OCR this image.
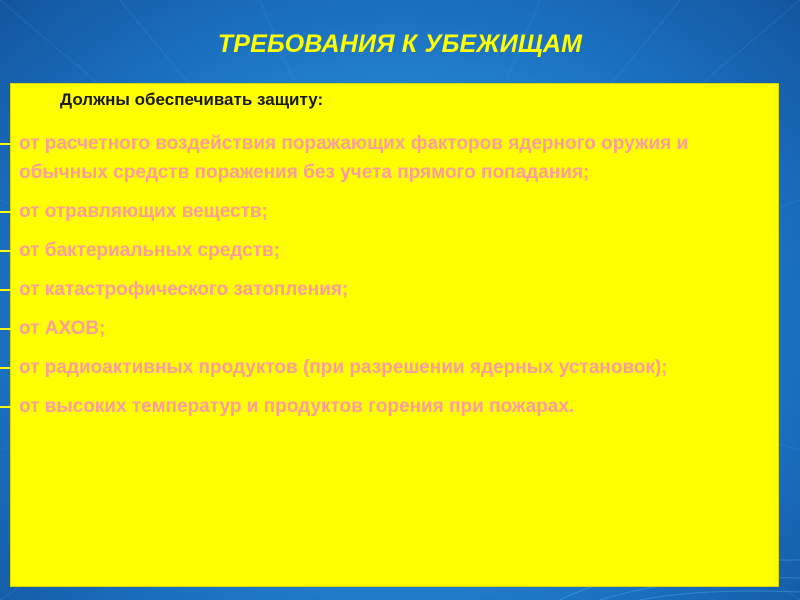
ТРЕБОВАНИЯ К УБЕЖИЩАМ
Должны обеспечивать защиту:
от расчетного воздействия поражающих факторов ядерного оружия и обычных средств поражения без учета прямого попадания;
от отравляющих веществ;
от бактериальных средств;
от катастрофического затопления;
от АХОВ;
от радиоактивных продуктов (при разрешении ядерных установок);
от высоких температур и продуктов горения при пожарах.
